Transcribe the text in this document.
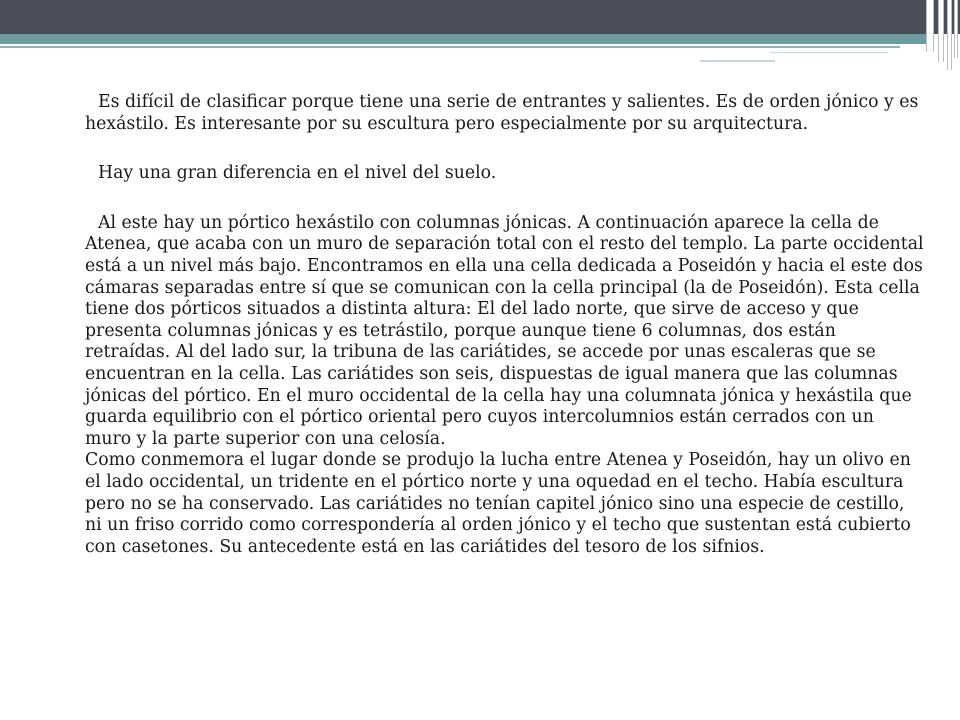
Es difícil de clasificar porque tiene una serie de entrantes y salientes. Es de orden jónico y es hexástilo. Es interesante por su escultura pero especialmente por su arquitectura.

Hay una gran diferencia en el nivel del suelo.

Al este hay un pórtico hexástilo con columnas jónicas. A continuación aparece la cella de Atenea, que acaba con un muro de separación total con el resto del templo. La parte occidental está a un nivel más bajo. Encontramos en ella una cella dedicada a Poseidón y hacia el este dos cámaras separadas entre sí que se comunican con la cella principal (la de Poseidón). Esta cella tiene dos pórticos situados a distinta altura: El del lado norte, que sirve de acceso y que presenta columnas jónicas y es tetrástilo, porque aunque tiene 6 columnas, dos están retraídas. Al del lado sur, la tribuna de las cariátides, se accede por unas escaleras que se encuentran en la cella. Las cariátides son seis, dispuestas de igual manera que las columnas jónicas del pórtico. En el muro occidental de la cella hay una columnata jónica y hexástila que guarda equilibrio con el pórtico oriental pero cuyos intercolumnios están cerrados con un muro y la parte superior con una celosía.

Como conmemora el lugar donde se produjo la lucha entre Atenea y Poseidón, hay un olivo en el lado occidental, un tridente en el pórtico norte y una oquedad en el techo. Había escultura pero no se ha conservado. Las cariátides no tenían capitel jónico sino una especie de cestillo, ni un friso corrido como correspondería al orden jónico y el techo que sustentan está cubierto con casetones. Su antecedente está en las cariátides del tesoro de los sifnios.
